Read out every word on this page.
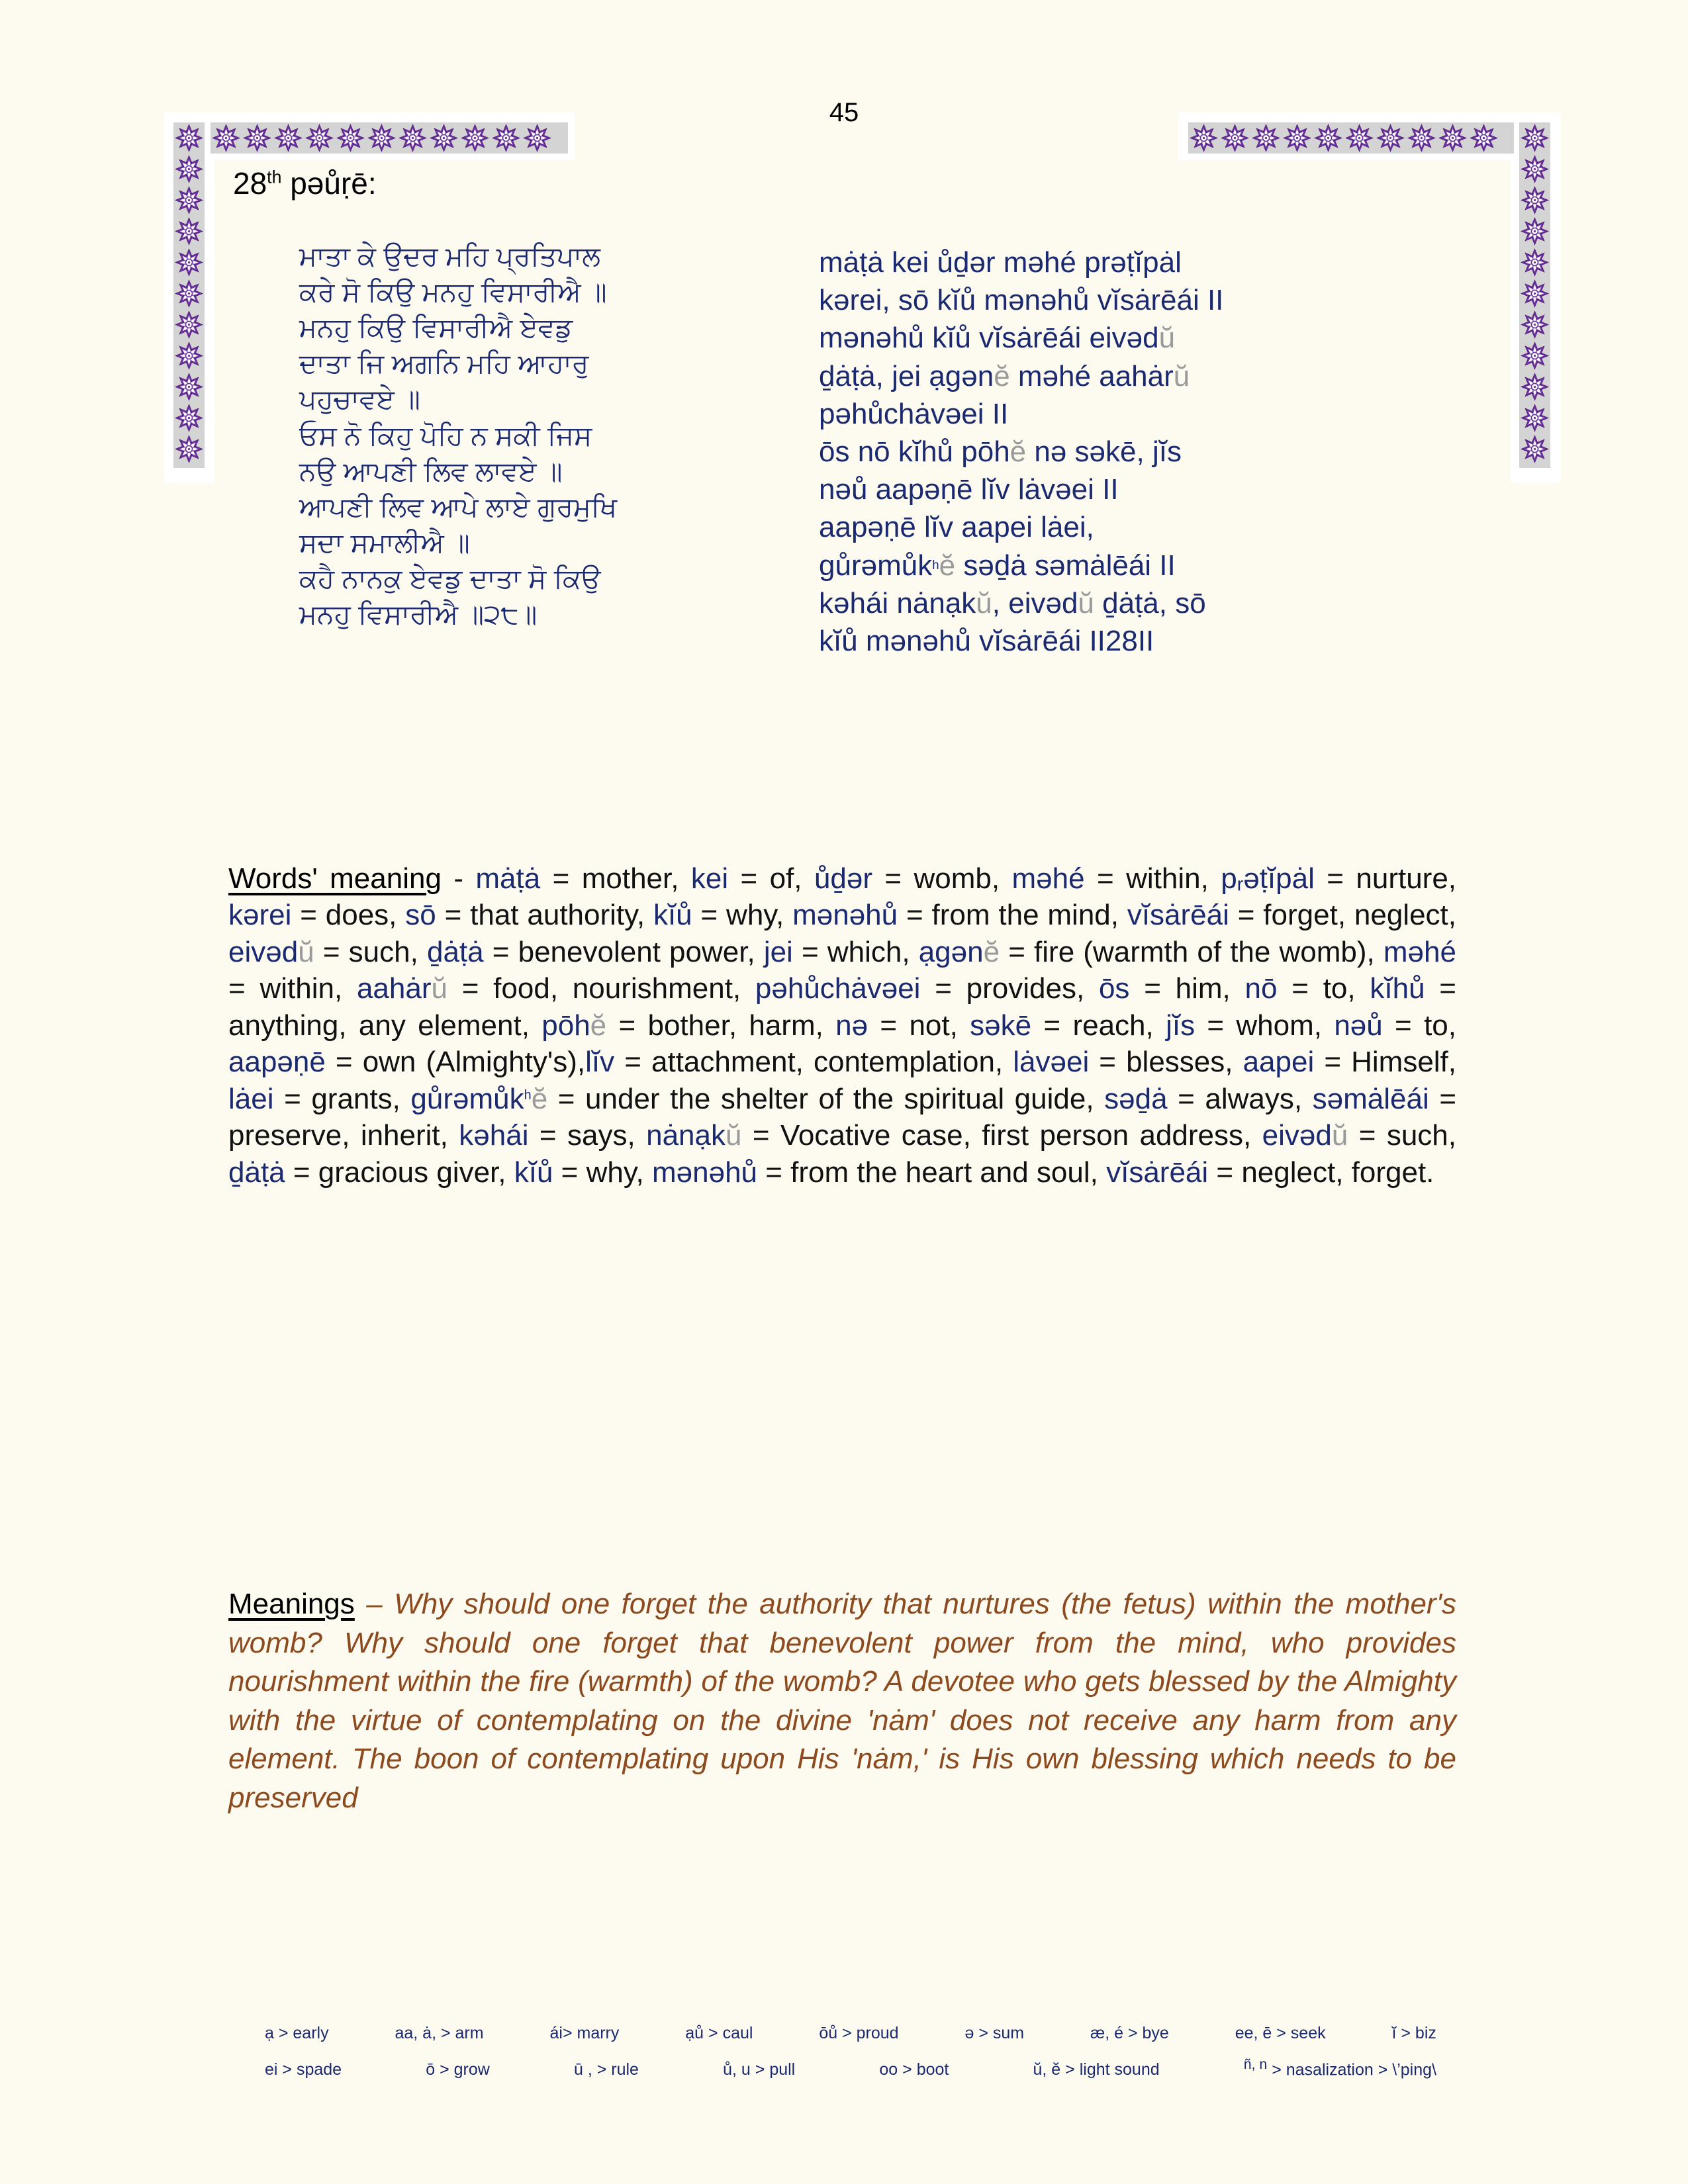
45
28th pəůṛē:
ਮਾਤਾ ਕੇ ਉਦਰ ਮਹਿ ਪ੍ਰਤਿਪਾਲ
ਕਰੇ ਸੋ ਕਿਉ ਮਨਹੁ ਵਿਸਾਰੀਐ ॥
ਮਨਹੁ ਕਿਉ ਵਿਸਾਰੀਐ ਏਵਡੁ
ਦਾਤਾ ਜਿ ਅਗਨਿ ਮਹਿ ਆਹਾਰੁ
ਪਹੁਚਾਵਏ ॥
ਓਸ ਨੋ ਕਿਹੁ ਪੋਹਿ ਨ ਸਕੀ ਜਿਸ
ਨਉ ਆਪਣੀ ਲਿਵ ਲਾਵਏ ॥
ਆਪਣੀ ਲਿਵ ਆਪੇ ਲਾਏ ਗੁਰਮੁਖਿ
ਸਦਾ ਸਮਾਲੀਐ ॥
ਕਹੈ ਨਾਨਕੁ ਏਵਡੁ ਦਾਤਾ ਸੋ ਕਿਉ
ਮਨਹੁ ਵਿਸਾਰੀਐ ॥੨੮॥
mȧṭȧ kei ůḏər məhé prəṭĭpȧl
kərei, sō kĭů mənəhů vĭsȧrēái II
mənəhů kĭů vĭsȧrēái eivədŭ
ḏȧṭȧ, jei ạgənĕ məhé aahȧrŭ
pəhůchȧvəei II
ōs nō kĭhů pōhĕ nə səkē, jĭs
nəů aapəṇē lĭv lȧvəei II
aapəṇē lĭv aapei lȧei,
gůrəmůkʰĕ səḏȧ səmȧlēái II
kəhái nȧnạkŭ, eivədŭ ḏȧṭȧ, sō
kĭů mənəhů vĭsȧrēái II28II
Words' meaning - mȧṭȧ = mother, kei = of, ůḏər = womb, məhé = within, prəṭĭpȧl = nurture, kərei = does, sō = that authority, kĭů = why, mənəhů = from the mind, vĭsȧrēái = forget, neglect, eivədŭ = such, ḏȧṭȧ = benevolent power, jei = which, ạgənĕ = fire (warmth of the womb), məhé = within, aahȧrŭ = food, nourishment, pəhůchȧvəei = provides, ōs = him, nō = to, kĭhů = anything, any element, pōhĕ = bother, harm, nə = not, səkē = reach, jĭs = whom, nəů = to, aapəṇē = own (Almighty's),lĭv = attachment, contemplation, lȧvəei = blesses, aapei = Himself, lȧei = grants, gůrəmůkʰĕ = under the shelter of the spiritual guide, səḏȧ = always, səmȧlēái = preserve, inherit, kəhái = says, nȧnạkŭ = Vocative case, first person address, eivədŭ = such, ḏȧṭȧ = gracious giver, kĭů = why, mənəhů = from the heart and soul, vĭsȧrēái = neglect, forget.
Meanings – Why should one forget the authority that nurtures (the fetus) within the mother's womb? Why should one forget that benevolent power from the mind, who provides nourishment within the fire (warmth) of the womb? A devotee who gets blessed by the Almighty with the virtue of contemplating on the divine 'nȧm' does not receive any harm from any element. The boon of contemplating upon His 'nȧm,' is His own blessing which needs to be preserved
ạ > early	aa, ȧ, > arm	ái> marry	ạů > caul	ōů > proud	ə > sum	æ, é > bye	ee, ē > seek	ĭ > biz
ei > spade	ō > grow	ū , > rule	ů, u > pull	oo > boot	ŭ, ĕ > light sound	$^{ñ, n}$ > nasalization > \’ping\
